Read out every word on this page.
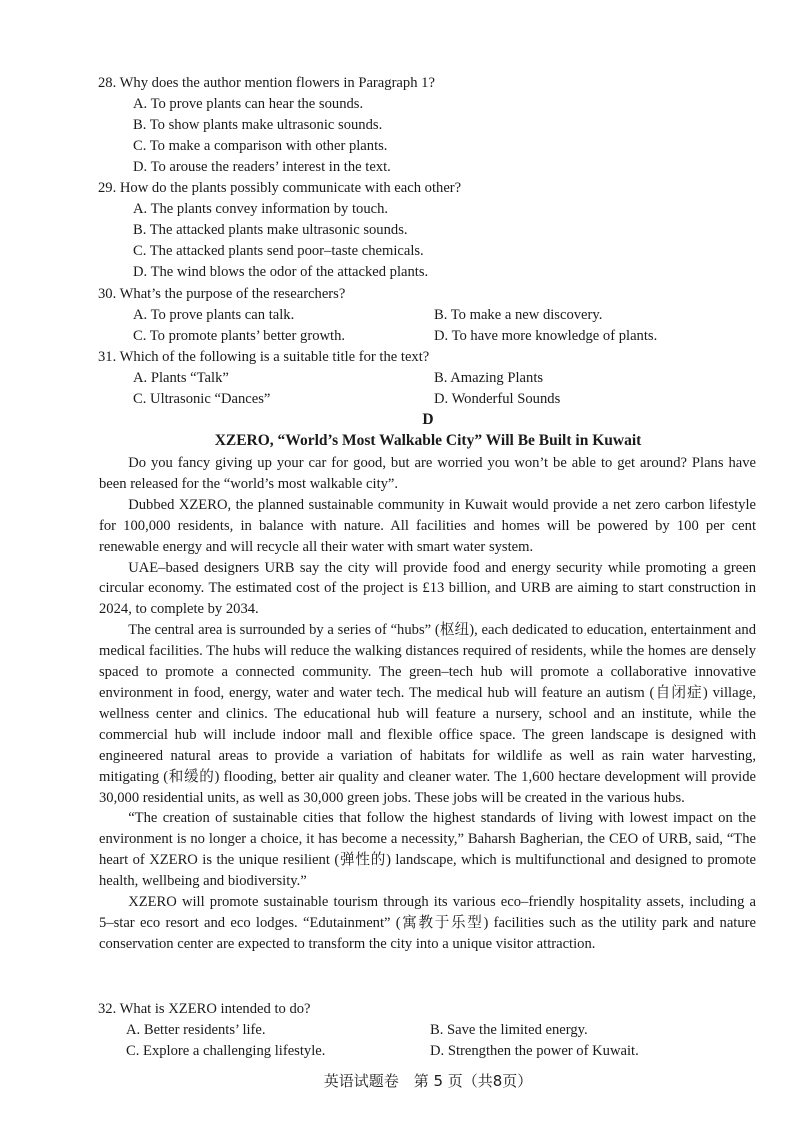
28. Why does the author mention flowers in Paragraph 1?
A. To prove plants can hear the sounds.
B. To show plants make ultrasonic sounds.
C. To make a comparison with other plants.
D. To arouse the readers’ interest in the text.
29. How do the plants possibly communicate with each other?
A. The plants convey information by touch.
B. The attacked plants make ultrasonic sounds.
C. The attacked plants send poor–taste chemicals.
D. The wind blows the odor of the attacked plants.
30. What’s the purpose of the researchers?
A. To prove plants can talk.	B. To make a new discovery.
C. To promote plants’ better growth.	D. To have more knowledge of plants.
31. Which of the following is a suitable title for the text?
A. Plants “Talk”	B. Amazing Plants
C. Ultrasonic “Dances”	D. Wonderful Sounds
D
XZERO, “World’s Most Walkable City” Will Be Built in Kuwait

Do you fancy giving up your car for good, but are worried you won’t be able to get around? Plans have been released for the “world’s most walkable city”.

Dubbed XZERO, the planned sustainable community in Kuwait would provide a net zero carbon lifestyle for 100,000 residents, in balance with nature. All facilities and homes will be powered by 100 per cent renewable energy and will recycle all their water with smart water system.

UAE–based designers URB say the city will provide food and energy security while promoting a green circular economy. The estimated cost of the project is £13 billion, and URB are aiming to start construction in 2024, to complete by 2034.

The central area is surrounded by a series of “hubs” (枢纽), each dedicated to education, entertainment and medical facilities. The hubs will reduce the walking distances required of residents, while the homes are densely spaced to promote a connected community. The green–tech hub will promote a collaborative innovative environment in food, energy, water and water tech. The medical hub will feature an autism (自闭症) village, wellness center and clinics. The educational hub will feature a nursery, school and an institute, while the commercial hub will include indoor mall and flexible office space. The green landscape is designed with engineered natural areas to provide a variation of habitats for wildlife as well as rain water harvesting, mitigating (和缓的) flooding, better air quality and cleaner water. The 1,600 hectare development will provide 30,000 residential units, as well as 30,000 green jobs. These jobs will be created in the various hubs.

“The creation of sustainable cities that follow the highest standards of living with lowest impact on the environment is no longer a choice, it has become a necessity,” Baharsh Bagherian, the CEO of URB, said, “The heart of XZERO is the unique resilient (弹性的) landscape, which is multifunctional and designed to promote health, wellbeing and biodiversity.”

XZERO will promote sustainable tourism through its various eco–friendly hospitality assets, including a 5–star eco resort and eco lodges. “Edutainment” (寓教于乐型) facilities such as the utility park and nature conservation center are expected to transform the city into a unique visitor attraction.

32. What is XZERO intended to do?
A. Better residents’ life.	B. Save the limited energy.
C. Explore a challenging lifestyle.	D. Strengthen the power of Kuwait.
英语试题卷　第 5 页（共8页）
